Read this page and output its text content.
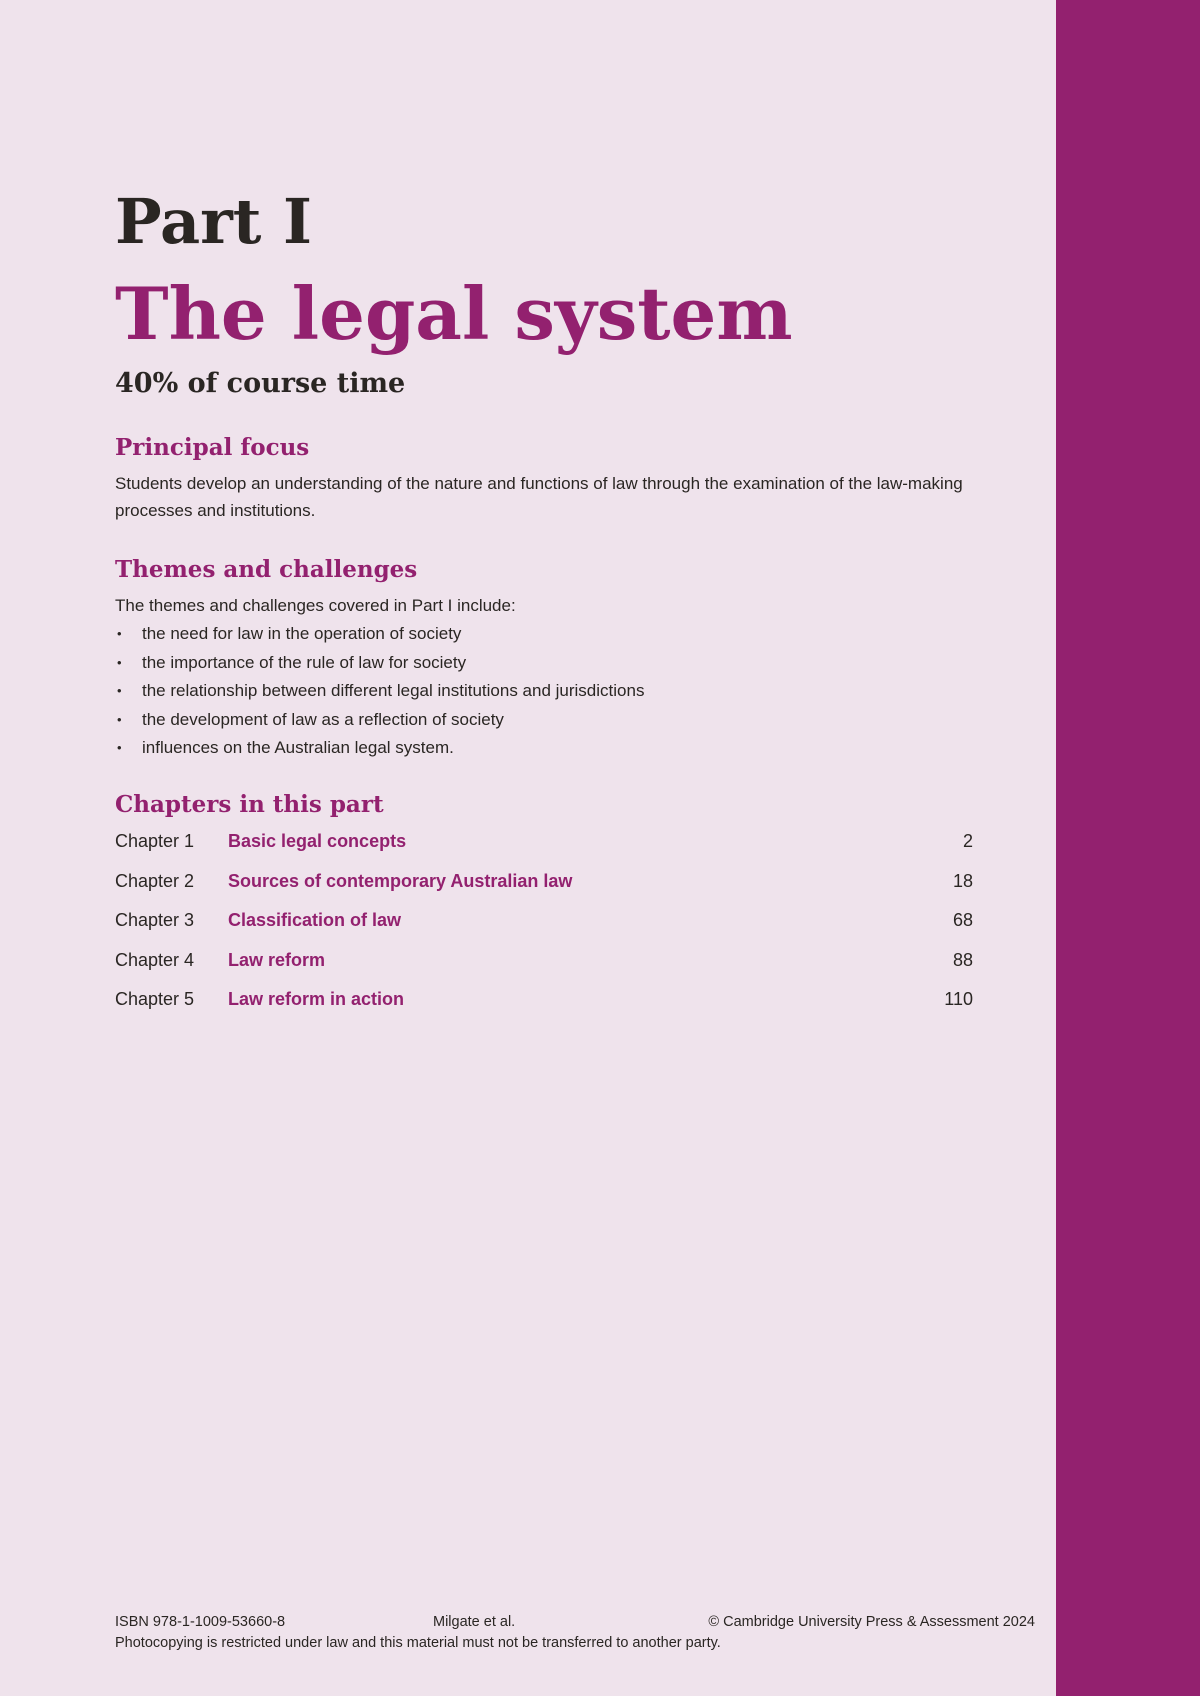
Part I
The legal system

40% of course time

Principal focus

Students develop an understanding of the nature and functions of law through the examination of the law-making processes and institutions.

Themes and challenges

The themes and challenges covered in Part I include:

• the need for law in the operation of society
• the importance of the rule of law for society
• the relationship between different legal institutions and jurisdictions
• the development of law as a reflection of society
• influences on the Australian legal system.
Chapters in this part
Chapter 1	Basic legal concepts	2
Chapter 2	Sources of contemporary Australian law	18
Chapter 3	Classification of law	68
Chapter 4	Law reform	88
Chapter 5	Law reform in action	110
ISBN 978-1-1009-53660-8	Milgate et al.	© Cambridge University Press & Assessment 2024
Photocopying is restricted under law and this material must not be transferred to another party.
